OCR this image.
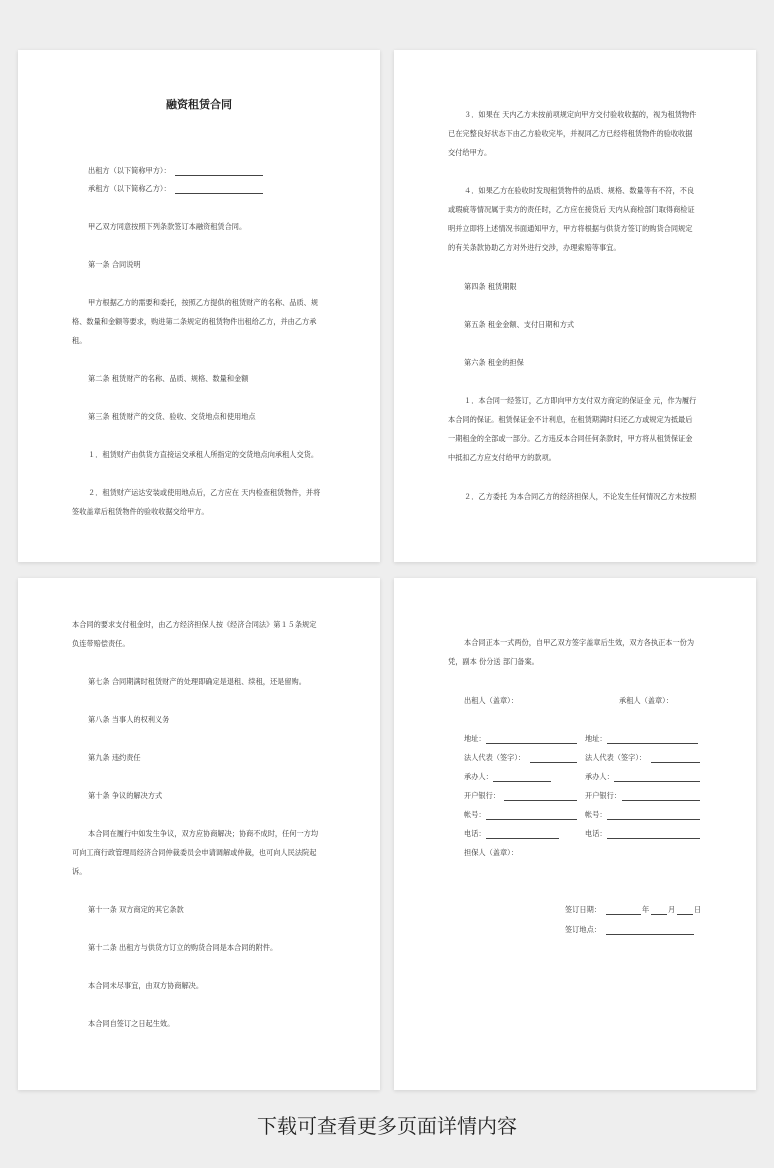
融资租赁合同
出租方（以下简称甲方）：
承租方（以下简称乙方）：
甲乙双方同意按照下列条款签订本融资租赁合同。
第一条 合同说明
甲方根据乙方的需要和委托，按照乙方提供的租赁财产的名称、品质、规
格、数量和金额等要求，购进第二条规定的租赁物件出租给乙方，并由乙方承
租。
第二条 租赁财产的名称、品质、规格、数量和金额
第三条 租赁财产的交货、验收、交货地点和使用地点
１．租赁财产由供货方直接运交承租人所指定的交货地点向承租人交货。
２．租赁财产运达安装或使用地点后，乙方应在 天内检查租赁物件，并将
签收盖章后租赁物件的验收收据交给甲方。
３．如果在 天内乙方未按前项规定向甲方交付验收收据的，视为租赁物件
已在完整良好状态下由乙方验收完毕，并视同乙方已经将租赁物件的验收收据
交付给甲方。
４．如果乙方在验收时发现租赁物件的品质、规格、数量等有不符，不良
或瑕疵等情况属于卖方的责任时，乙方应在接货后 天内从商检部门取得商检证
明并立即将上述情况书面通知甲方，甲方将根据与供货方签订的购货合同规定
的有关条款协助乙方对外进行交涉，办理索赔等事宜。
第四条 租赁期限
第五条 租金金额、支付日期和方式
第六条 租金的担保
１．本合同一经签订，乙方即向甲方支付双方商定的保证金 元，作为履行
本合同的保证。租赁保证金不计利息，在租赁期满时归还乙方或规定为抵最后
一期租金的全部或一部分。乙方违反本合同任何条款时，甲方将从租赁保证金
中抵扣乙方应支付给甲方的款项。
２．乙方委托 为本合同乙方的经济担保人，不论发生任何情况乙方未按照
本合同的要求支付租金时，由乙方经济担保人按《经济合同法》第１５条规定
负连带赔偿责任。
第七条 合同期满时租赁财产的处理即确定是退租、续租，还是留购。
第八条 当事人的权利义务
第九条 违约责任
第十条 争议的解决方式
本合同在履行中如发生争议，双方应协商解决；协商不成时，任何一方均
可向工商行政管理局经济合同仲裁委员会申请调解或仲裁，也可向人民法院起
诉。
第十一条 双方商定的其它条款
第十二条 出租方与供货方订立的购货合同是本合同的附件。
本合同未尽事宜，由双方协商解决。
本合同自签订之日起生效。
本合同正本一式两份，自甲乙双方签字盖章后生效，双方各执正本一份为
凭，副本 份分送 部门备案。
出租人（盖章）：	承租人（盖章）：
地址：	地址：
法人代表（签字）：	法人代表（签字）：
承办人：	承办人：
开户银行：	开户银行：
帐号：	帐号：
电话：	电话：
担保人（盖章）：
签订日期：	年	月	日
签订地点：
下载可查看更多页面详情内容
